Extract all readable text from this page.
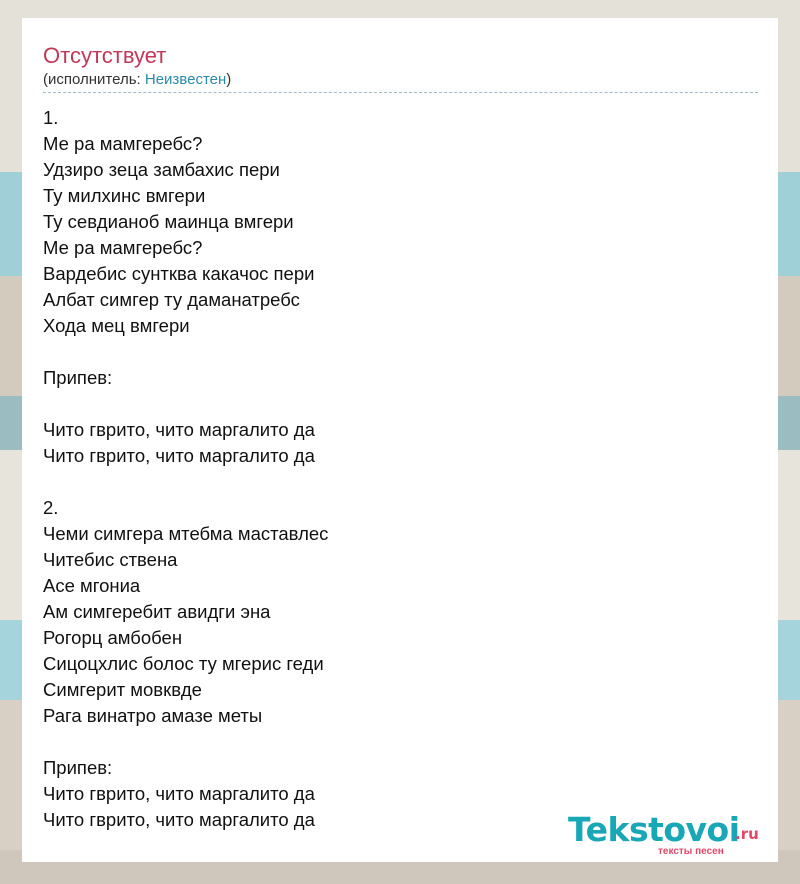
Отсутствует
(исполнитель: Неизвестен)
1.
Ме ра мамгеребс?
Удзиро зеца замбахис пери
Ту милхинс вмгери
Ту севдианоб маинца вмгери
Ме ра мамгеребс?
Вардебис сунтква какачос пери
Албат симгер ту даманатребс
Хода мец вмгери
Припев:
Чито гврито, чито маргалито да
Чито гврито, чито маргалито да
2.
Чеми симгера мтебма маставлес
Читебис ствена
Асе мгониа
Ам симгеребит авидги эна
Рогорц амбобен
Сицоцхлис болос ту мгерис геди
Симгерит мовквде
Рага винатро амазе меты
Припев:
Чито гврито, чито маргалито да
Чито гврито, чито маргалито да	Tekstovoi
.ru
тексты песен
